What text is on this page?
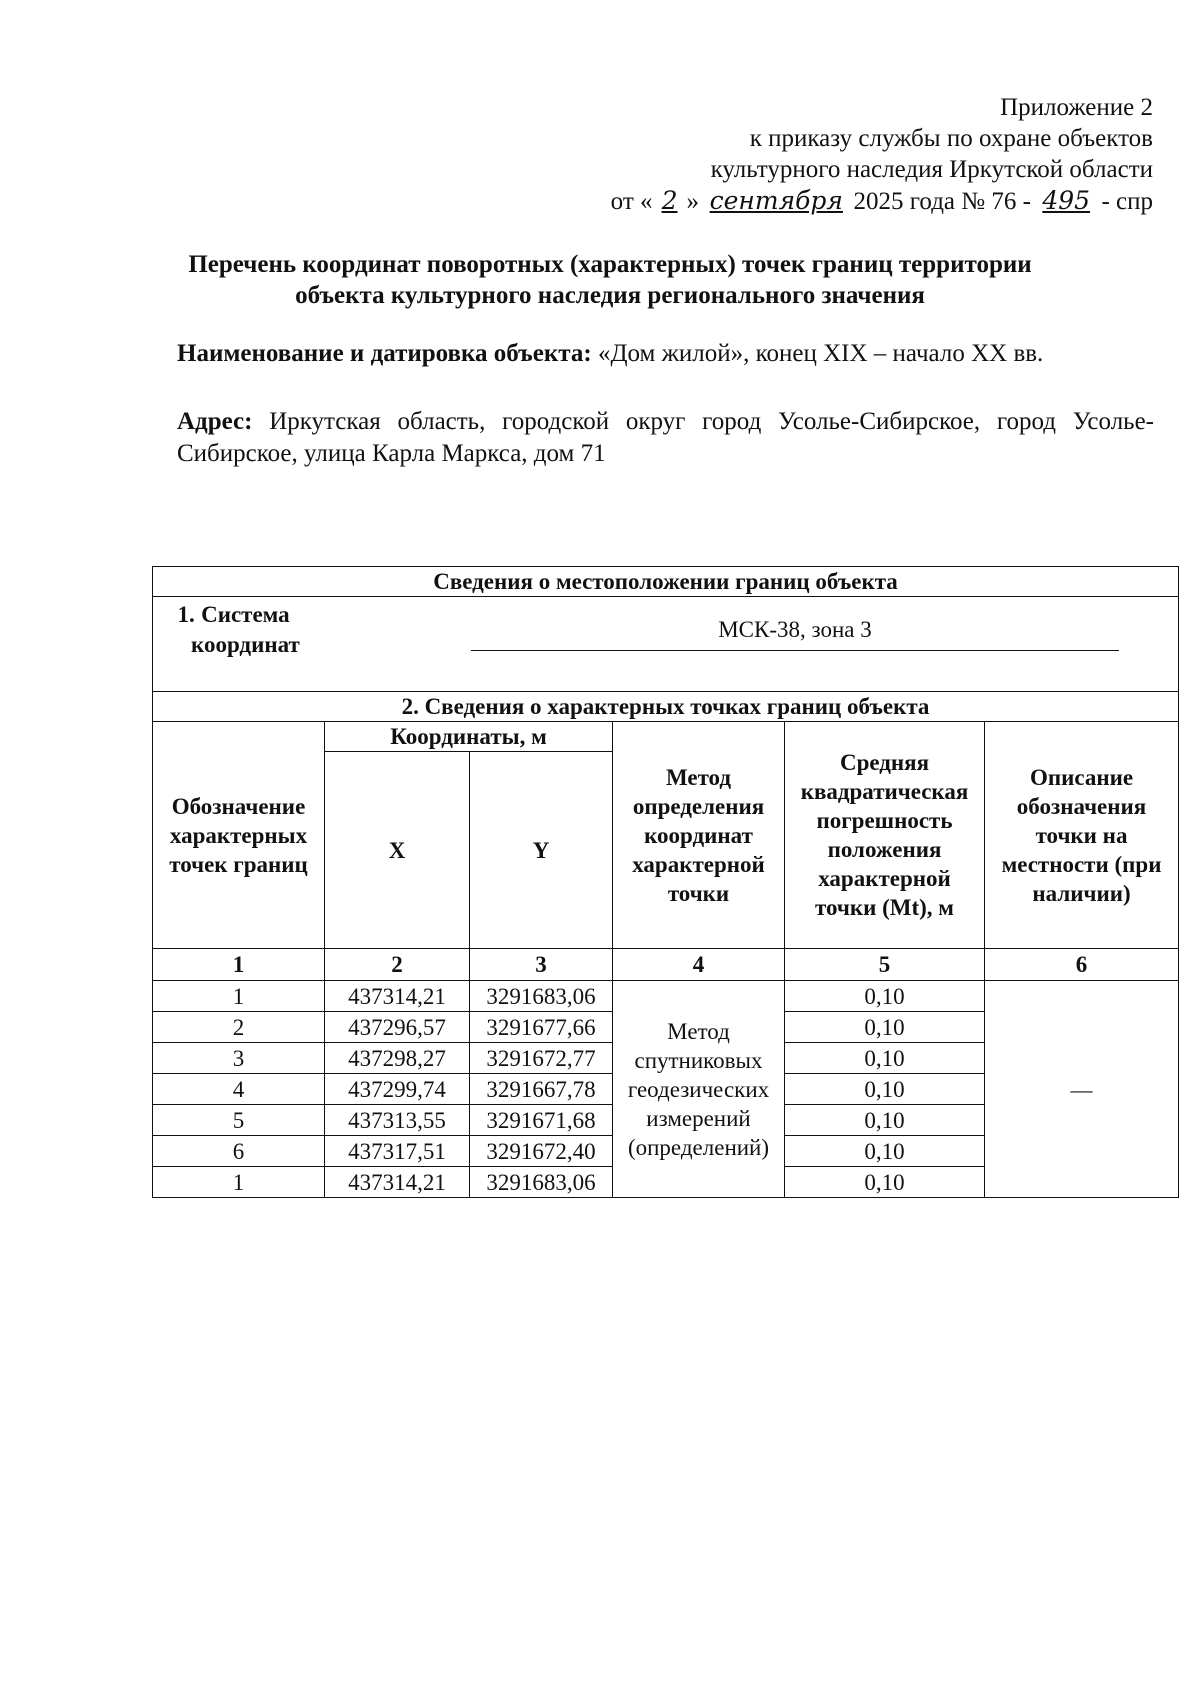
Приложение 2
к приказу службы по охране объектов
культурного наследия Иркутской области
от « 2 » сентября 2025 года № 76 - 495 - спр
Перечень координат поворотных (характерных) точек границ территории
объекта культурного наследия регионального значения
Наименование и датировка объекта: «Дом жилой», конец XIX – начало XX вв.
Адрес: Иркутская область, городской округ город Усолье-Сибирское, город Усолье-Сибирское, улица Карла Маркса, дом 71
Сведения о местоположении границ объекта					

1. Система
координат
МСК-38, зона 3					

2. Сведения о характерных точках границ объекта					
Обозначение характерных точек границ	Координаты, м		Метод определения координат характерной точки	Средняя квадратическая погрешность положения характерной точки (Mt), м	Описание обозначения точки на местности (при наличии)
	X	Y			
1	2	3	4	5	6
1	437314,21	3291683,06	Метод спутниковых геодезических измерений (определений)	0,10	—
2	437296,57	3291677,66		0,10	
3	437298,27	3291672,77		0,10	
4	437299,74	3291667,78		0,10	
5	437313,55	3291671,68		0,10	
6	437317,51	3291672,40		0,10	
1	437314,21	3291683,06		0,10	
